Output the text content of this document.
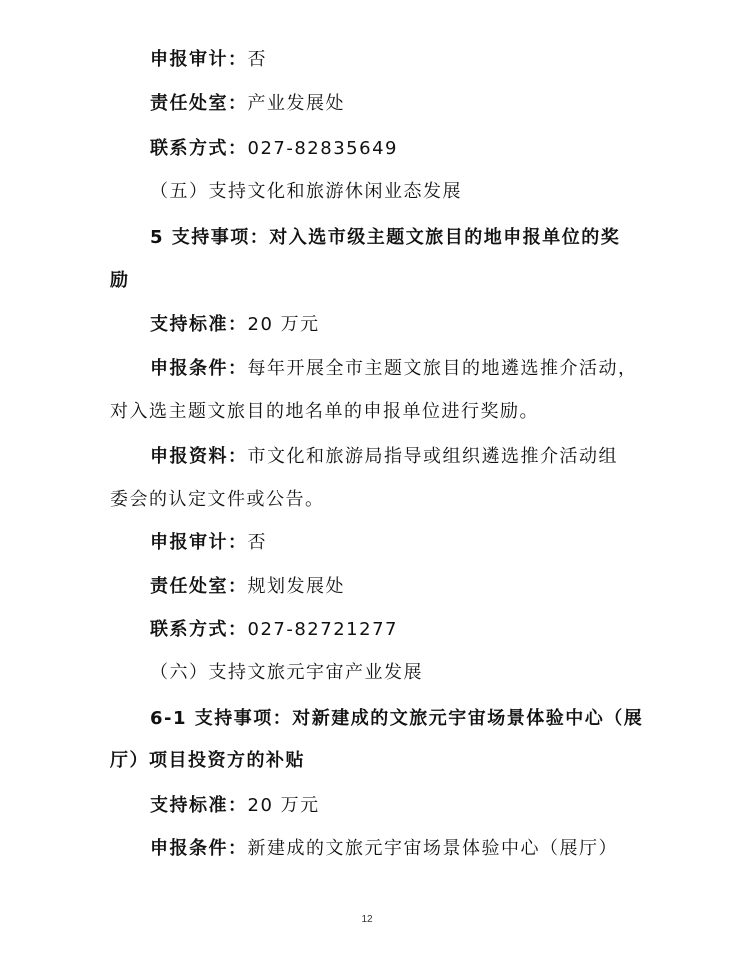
申报审计：否
责任处室：产业发展处
联系方式：027-82835649
（五）支持文化和旅游休闲业态发展
5 支持事项：对入选市级主题文旅目的地申报单位的奖
励
支持标准：20 万元
申报条件：每年开展全市主题文旅目的地遴选推介活动，
对入选主题文旅目的地名单的申报单位进行奖励。
申报资料：市文化和旅游局指导或组织遴选推介活动组
委会的认定文件或公告。
申报审计：否
责任处室：规划发展处
联系方式：027-82721277
（六）支持文旅元宇宙产业发展
6-1 支持事项：对新建成的文旅元宇宙场景体验中心（展
厅）项目投资方的补贴
支持标准：20 万元
申报条件：新建成的文旅元宇宙场景体验中心（展厅）
12
